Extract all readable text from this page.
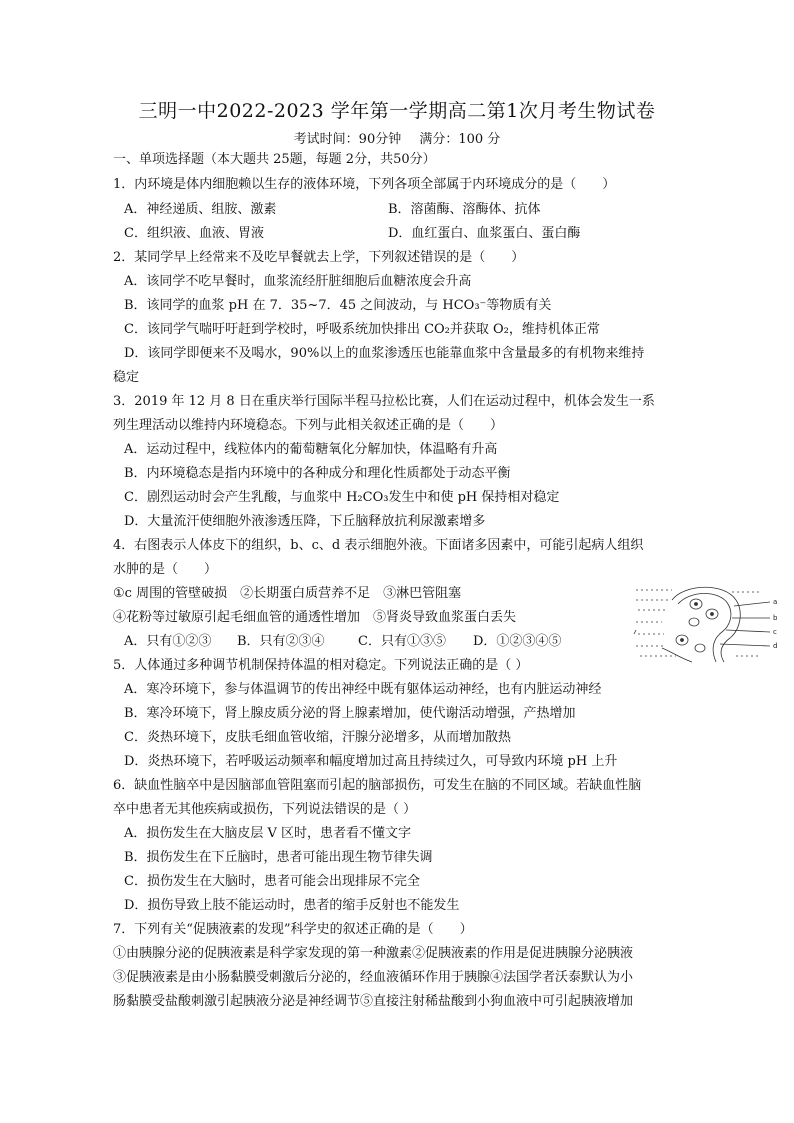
三明一中2022-2023 学年第一学期高二第1次月考生物试卷
考试时间：90分钟 满分：100 分
一、单项选择题（本大题共 25题，每题 2分，共50分）
1．内环境是体内细胞赖以生存的液体环境，下列各项全部属于内环境成分的是（　　）
A．神经递质、组胺、激素	B．溶菌酶、溶酶体、抗体
C．组织液、血液、胃液	D．血红蛋白、血浆蛋白、蛋白酶
2．某同学早上经常来不及吃早餐就去上学，下列叙述错误的是（　　）
A．该同学不吃早餐时，血浆流经肝脏细胞后血糖浓度会升高
B．该同学的血浆 pH 在 7．35~7．45 之间波动，与 HCO₃⁻等物质有关
C．该同学气喘吁吁赶到学校时，呼吸系统加快排出 CO₂并获取 O₂，维持机体正常
D．该同学即便来不及喝水，90%以上的血浆渗透压也能靠血浆中含量最多的有机物来维持
稳定
3．2019 年 12 月 8 日在重庆举行国际半程马拉松比赛，人们在运动过程中，机体会发生一系
列生理活动以维持内环境稳态。下列与此相关叙述正确的是（　　）
A．运动过程中，线粒体内的葡萄糖氧化分解加快，体温略有升高
B．内环境稳态是指内环境中的各种成分和理化性质都处于动态平衡
C．剧烈运动时会产生乳酸，与血浆中 H₂CO₃发生中和使 pH 保持相对稳定
D．大量流汗使细胞外液渗透压降，下丘脑释放抗利尿激素增多
4．右图表示人体皮下的组织，b、c、d 表示细胞外液。下面诸多因素中，可能引起病人组织
水肿的是（　　）
①c 周围的管壁破损　②长期蛋白质营养不足　③淋巴管阻塞
④花粉等过敏原引起毛细血管的通透性增加　⑤肾炎导致血浆蛋白丢失
A．只有①②③ B．只有②③④	C．只有①③⑤ D．①②③④⑤
a
b
c
d
5．人体通过多种调节机制保持体温的相对稳定。下列说法正确的是（ ）
A．寒冷环境下，参与体温调节的传出神经中既有躯体运动神经，也有内脏运动神经
B．寒冷环境下，肾上腺皮质分泌的肾上腺素增加，使代谢活动增强，产热增加
C．炎热环境下，皮肤毛细血管收缩，汗腺分泌增多，从而增加散热
D．炎热环境下，若呼吸运动频率和幅度增加过高且持续过久，可导致内环境 pH 上升
6．缺血性脑卒中是因脑部血管阻塞而引起的脑部损伤，可发生在脑的不同区域。若缺血性脑
卒中患者无其他疾病或损伤，下列说法错误的是（ ）
A．损伤发生在大脑皮层 V 区时，患者看不懂文字
B．损伤发生在下丘脑时，患者可能出现生物节律失调
C．损伤发生在大脑时，患者可能会出现排尿不完全
D．损伤导致上肢不能运动时，患者的缩手反射也不能发生
7．下列有关“促胰液素的发现”科学史的叙述正确的是（　　）
①由胰腺分泌的促胰液素是科学家发现的第一种激素②促胰液素的作用是促进胰腺分泌胰液
③促胰液素是由小肠黏膜受刺激后分泌的，经血液循环作用于胰腺④法国学者沃泰默认为小
肠黏膜受盐酸刺激引起胰液分泌是神经调节⑤直接注射稀盐酸到小狗血液中可引起胰液增加
